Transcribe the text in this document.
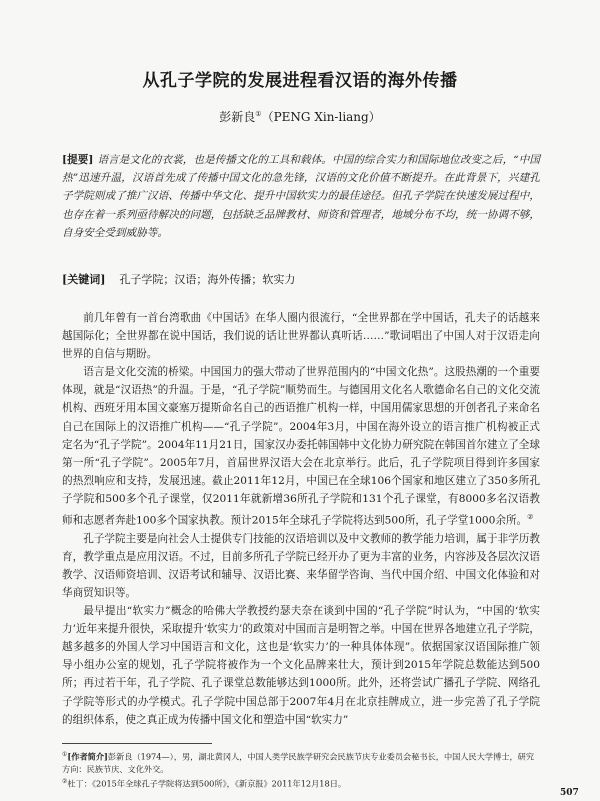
从孔子学院的发展进程看汉语的海外传播
彭新良①（PENG Xin-liang）
[提要] 语言是文化的衣裳，也是传播文化的工具和载体。中国的综合实力和国际地位改变之后，“中国热”迅速升温，汉语首先成了传播中国文化的急先锋，汉语的文化价值不断提升。在此背景下，兴建孔子学院则成了推广汉语、传播中华文化、提升中国软实力的最佳途径。但孔子学院在快速发展过程中，也存在着一系列亟待解决的问题，包括缺乏品牌教材、师资和管理者，地域分布不均，统一协调不够，自身安全受到威胁等。
[关键词] 孔子学院；汉语；海外传播；软实力

前几年曾有一首台湾歌曲《中国话》在华人圈内很流行，“全世界都在学中国话，孔夫子的话越来越国际化；全世界都在说中国话，我们说的话让世界都认真听话……”歌词唱出了中国人对于汉语走向世界的自信与期盼。

语言是文化交流的桥梁。中国国力的强大带动了世界范围内的“中国文化热”。这股热潮的一个重要体现，就是“汉语热”的升温。于是，“孔子学院”顺势而生。与德国用文化名人歌德命名自己的文化交流机构、西班牙用本国文豪塞万提斯命名自己的西语推广机构一样，中国用儒家思想的开创者孔子来命名自己在国际上的汉语推广机构——“孔子学院”。2004年3月，中国在海外设立的语言推广机构被正式定名为“孔子学院”。2004年11月21日，国家汉办委托韩国韩中文化协力研究院在韩国首尔建立了全球第一所“孔子学院”。2005年7月，首届世界汉语大会在北京举行。此后，孔子学院项目得到许多国家的热烈响应和支持，发展迅速。截止2011年12月，中国已在全球106个国家和地区建立了350多所孔子学院和500多个孔子课堂，仅2011年就新增36所孔子学院和131个孔子课堂，有8000多名汉语教师和志愿者奔赴100多个国家执教。预计2015年全球孔子学院将达到500所，孔子学堂1000余所。②

孔子学院主要是向社会人士提供专门技能的汉语培训以及中文教师的教学能力培训，属于非学历教育，教学重点是应用汉语。不过，目前多所孔子学院已经开办了更为丰富的业务，内容涉及各层次汉语教学、汉语师资培训、汉语考试和辅导、汉语比赛、来华留学咨询、当代中国介绍、中国文化体验和对华商贸知识等。

最早提出“软实力”概念的哈佛大学教授约瑟夫奈在谈到中国的“孔子学院”时认为，“中国的‘软实力’近年来提升很快，采取提升‘软实力’的政策对中国而言是明智之举。中国在世界各地建立孔子学院，越多越多的外国人学习中国语言和文化，这也是‘软实力’的一种具体体现”。依据国家汉语国际推广领导小组办公室的规划，孔子学院将被作为一个文化品牌来壮大，预计到2015年学院总数能达到500所；再过若干年，孔子学院、孔子课堂总数能够达到1000所。此外，还将尝试广播孔子学院、网络孔子学院等形式的办学模式。孔子学院中国总部于2007年4月在北京挂牌成立，进一步完善了孔子学院的组织体系，使之真正成为传播中国文化和塑造中国“软实力”

①[作者简介]彭新良（1974—），男，湖北黄冈人，中国人类学民族学研究会民族节庆专业委员会秘书长，中国人民大学博士，研究方向：民族节庆、文化外交。

②杜丁：《2015年全球孔子学院将达到500所》，《新京报》2011年12月18日。

507
